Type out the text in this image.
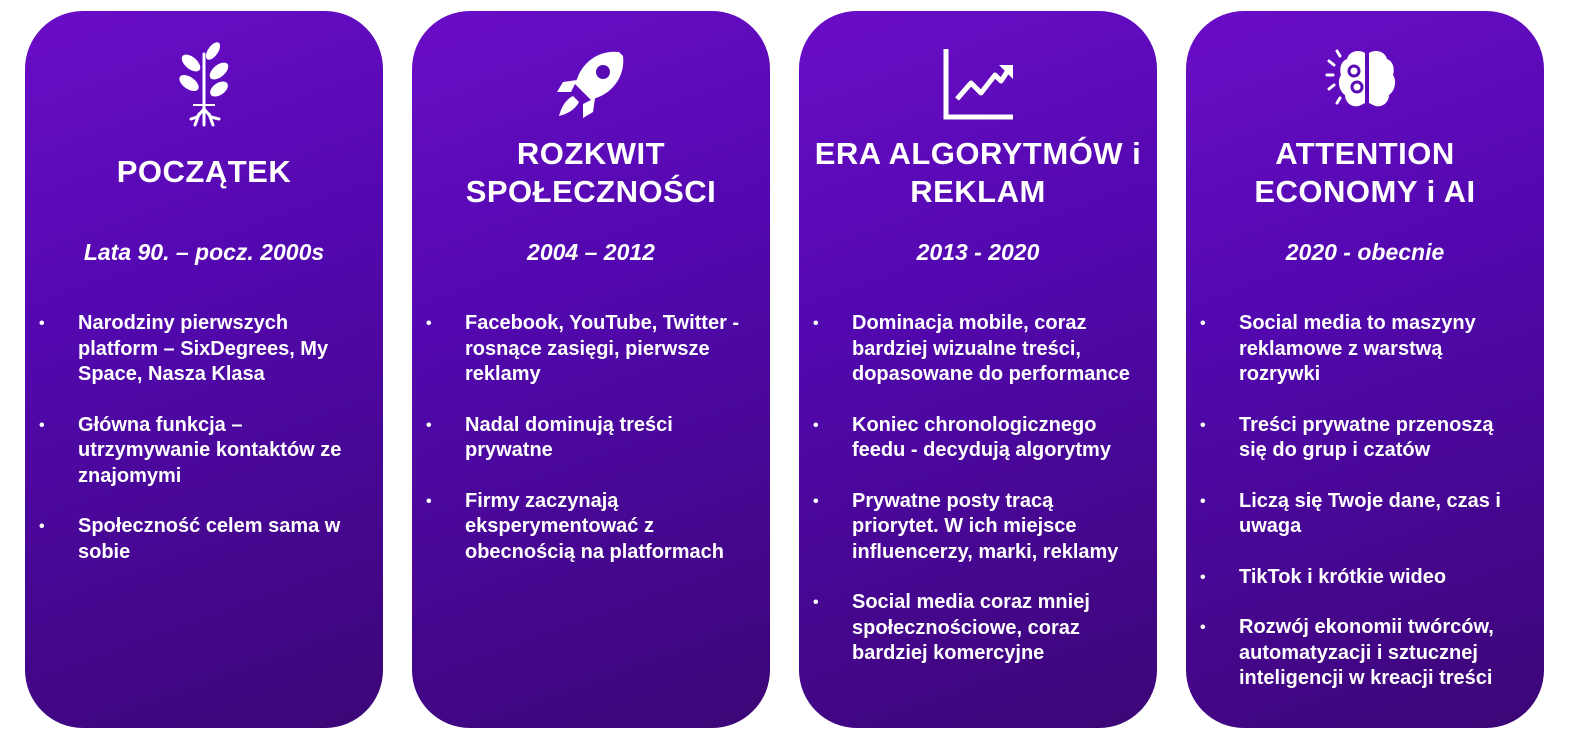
POCZĄTEK
Lata 90. – pocz. 2000s
•	Narodziny pierwszych platform – SixDegrees, My Space, Nasza Klasa
•	Główna funkcja – utrzymywanie kontaktów ze znajomymi
•	Społeczność celem sama w sobie
ROZKWIT SPOŁECZNOŚCI
2004 – 2012
•	Facebook, YouTube, Twitter - rosnące zasięgi, pierwsze reklamy
•	Nadal dominują treści prywatne
•	Firmy zaczynają eksperymentować z obecnością na platformach
ERA ALGORYTMÓW i REKLAM
2013 - 2020
•	Dominacja mobile, coraz bardziej wizualne treści, dopasowane do performance
•	Koniec chronologicznego feedu - decydują algorytmy
•	Prywatne posty tracą priorytet. W ich miejsce influencerzy, marki, reklamy
•	Social media coraz mniej społecznościowe, coraz bardziej komercyjne
ATTENTION ECONOMY i AI
2020 - obecnie
•	Social media to maszyny reklamowe z warstwą rozrywki
•	Treści prywatne przenoszą się do grup i czatów
•	Liczą się Twoje dane, czas i uwaga
•	TikTok i krótkie wideo
•	Rozwój ekonomii twórców, automatyzacji i sztucznej inteligencji w kreacji treści
